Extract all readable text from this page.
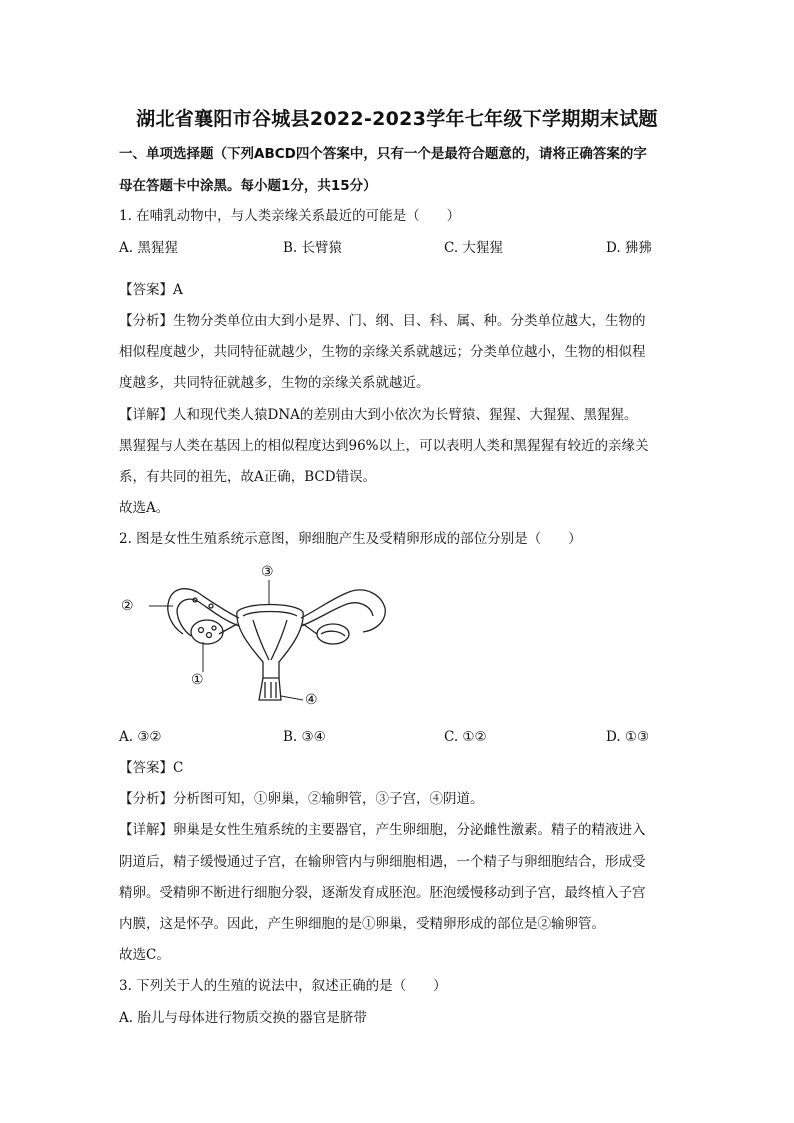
湖北省襄阳市谷城县2022-2023学年七年级下学期期末试题
一、单项选择题（下列ABCD四个答案中，只有一个是最符合题意的，请将正确答案的字
母在答题卡中涂黑。每小题1分，共15分）
1. 在哺乳动物中，与人类亲缘关系最近的可能是（　　）
A. 黑猩猩	B. 长臂猿	C. 大猩猩	D. 狒狒
【答案】A
【分析】生物分类单位由大到小是界、门、纲、目、科、属、种。分类单位越大，生物的
相似程度越少，共同特征就越少，生物的亲缘关系就越远；分类单位越小，生物的相似程
度越多，共同特征就越多，生物的亲缘关系就越近。
【详解】人和现代类人猿DNA的差别由大到小依次为长臂猿、猩猩、大猩猩、黑猩猩。
黑猩猩与人类在基因上的相似程度达到96%以上，可以表明人类和黑猩猩有较近的亲缘关
系，有共同的祖先，故A正确，BCD错误。
故选A。
2. 图是女性生殖系统示意图，卵细胞产生及受精卵形成的部位分别是（　　）
②
③
①
④
A. ③②	B. ③④	C. ①②	D. ①③
【答案】C
【分析】分析图可知，①卵巢，②输卵管，③子宫，④阴道。
【详解】卵巢是女性生殖系统的主要器官，产生卵细胞，分泌雌性激素。精子的精液进入
阴道后，精子缓慢通过子宫，在输卵管内与卵细胞相遇，一个精子与卵细胞结合，形成受
精卵。受精卵不断进行细胞分裂，逐渐发育成胚泡。胚泡缓慢移动到子宫，最终植入子宫
内膜，这是怀孕。因此，产生卵细胞的是①卵巢，受精卵形成的部位是②输卵管。
故选C。
3. 下列关于人的生殖的说法中，叙述正确的是（　　）
A. 胎儿与母体进行物质交换的器官是脐带
